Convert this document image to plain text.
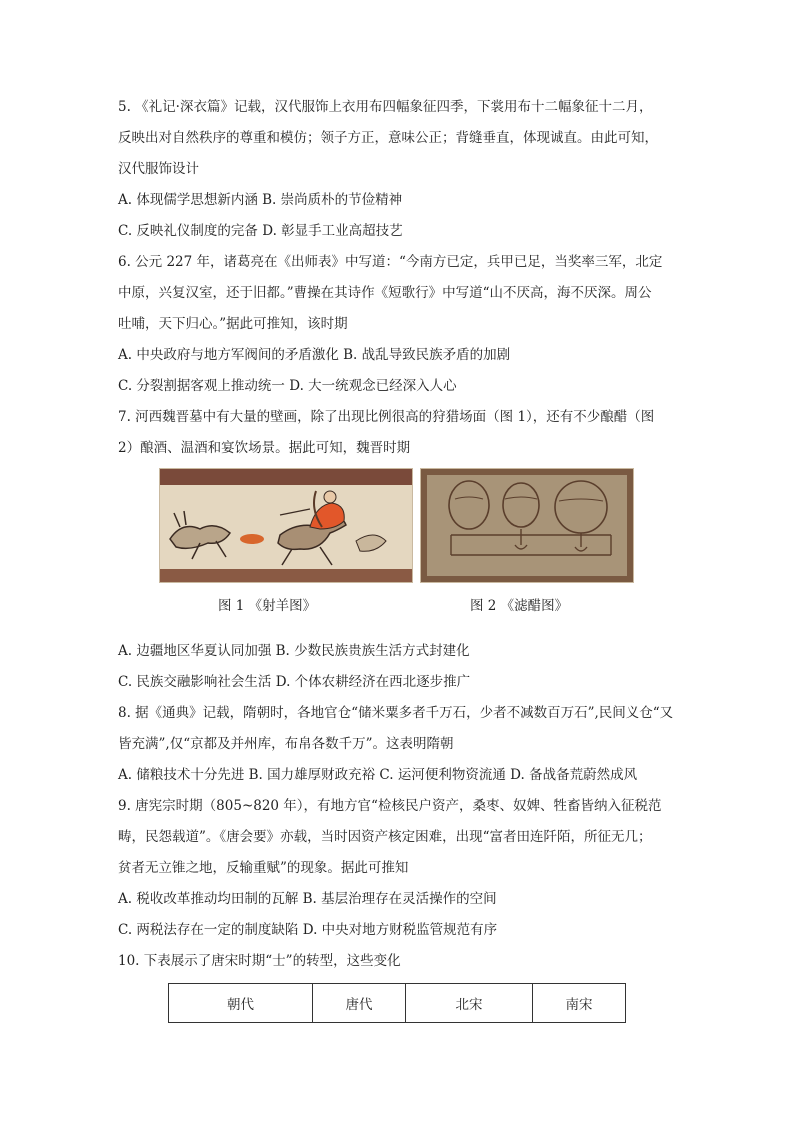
5. 《礼记·深衣篇》记载，汉代服饰上衣用布四幅象征四季，下裳用布十二幅象征十二月，

反映出对自然秩序的尊重和模仿；领子方正，意味公正；背缝垂直，体现诚直。由此可知，

汉代服饰设计

A. 体现儒学思想新内涵 B. 崇尚质朴的节俭精神

C. 反映礼仪制度的完备 D. 彰显手工业高超技艺

6. 公元 227 年，诸葛亮在《出师表》中写道：“今南方已定，兵甲已足，当奖率三军，北定

中原，兴复汉室，还于旧都。”曹操在其诗作《短歌行》中写道“山不厌高，海不厌深。周公

吐哺，天下归心。”据此可推知，该时期

A. 中央政府与地方军阀间的矛盾激化 B. 战乱导致民族矛盾的加剧

C. 分裂割据客观上推动统一 D. 大一统观念已经深入人心

7. 河西魏晋墓中有大量的壁画，除了出现比例很高的狩猎场面（图 1），还有不少酿醋（图

2）酿酒、温酒和宴饮场景。据此可知，魏晋时期

图 1 《射羊图》	图 2 《滤醋图》

A. 边疆地区华夏认同加强 B. 少数民族贵族生活方式封建化

C. 民族交融影响社会生活 D. 个体农耕经济在西北逐步推广

8. 据《通典》记载，隋朝时，各地官仓“储米粟多者千万石，少者不减数百万石”,民间义仓“又

皆充满”,仅“京都及并州库，布帛各数千万”。这表明隋朝

A. 储粮技术十分先进 B. 国力雄厚财政充裕 C. 运河便利物资流通 D. 备战备荒蔚然成风

9. 唐宪宗时期（805~820 年），有地方官“检核民户资产，桑枣、奴婢、牲畜皆纳入征税范

畴，民怨载道”。《唐会要》亦载，当时因资产核定困难，出现“富者田连阡陌，所征无几；

贫者无立锥之地，反输重赋”的现象。据此可推知

A. 税收改革推动均田制的瓦解 B. 基层治理存在灵活操作的空间

C. 两税法存在一定的制度缺陷 D. 中央对地方财税监管规范有序

10. 下表展示了唐宋时期“士”的转型，这些变化

朝代	唐代	北宋	南宋
